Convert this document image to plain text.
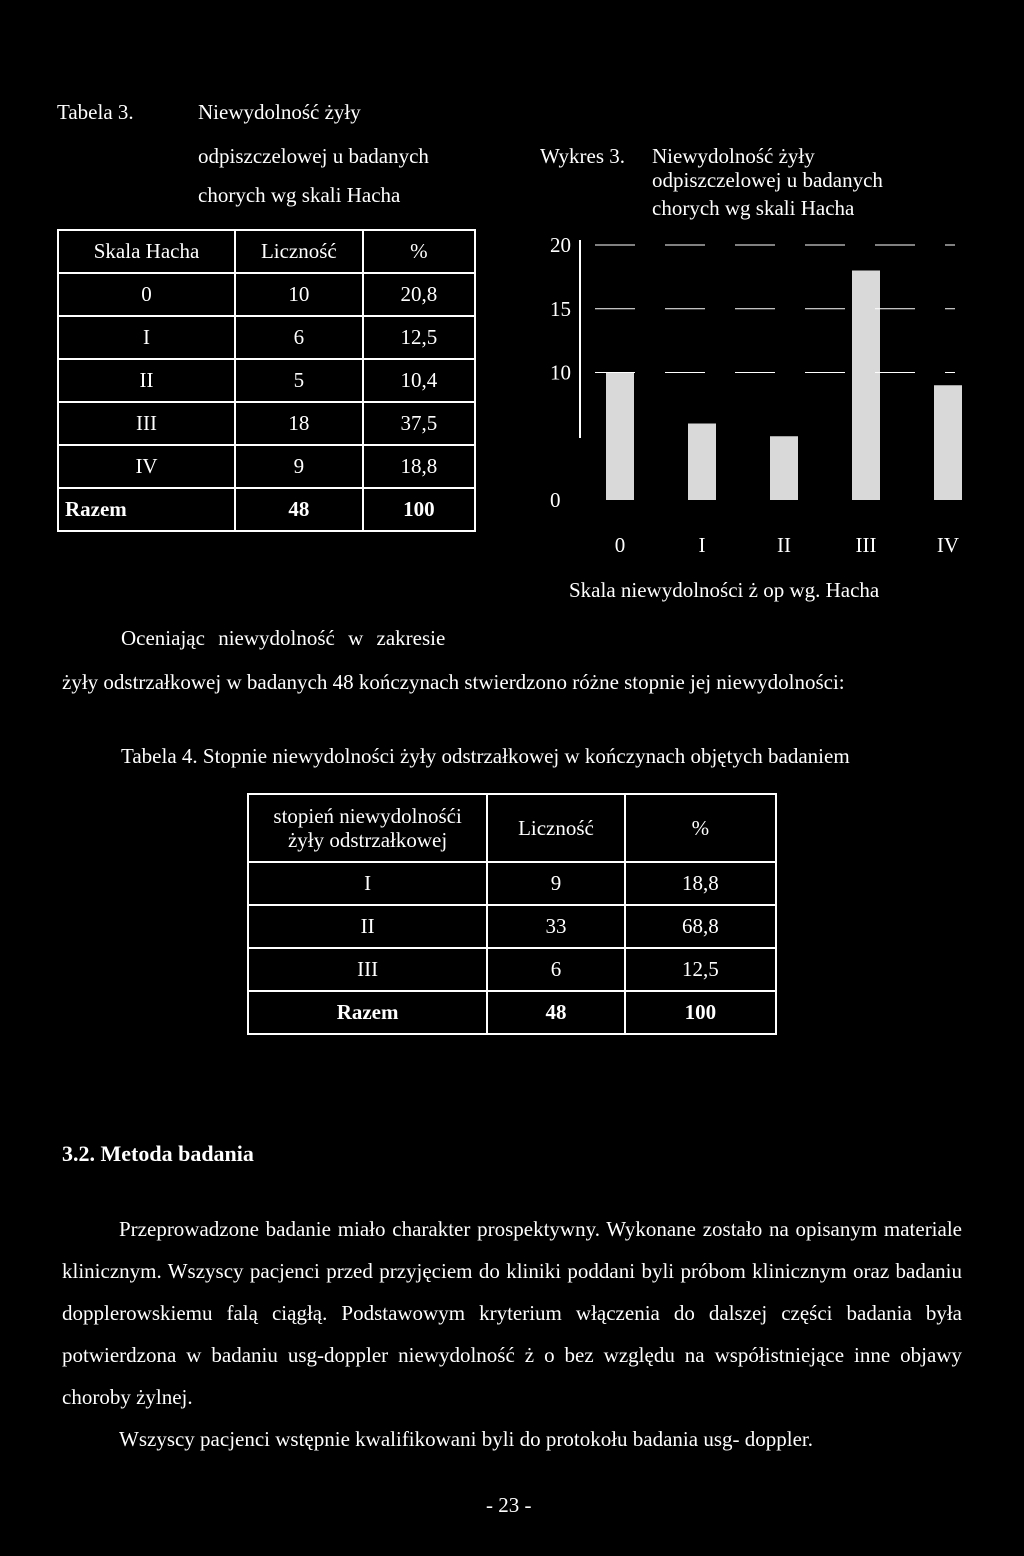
Tabela 3.	Niewydolność żyły
odpiszczelowej u badanych
chorych wg skali Hacha
Skala Hacha	Liczność	%
0	10	20,8
I	6	12,5
II	5	10,4
III	18	37,5
IV	9	18,8
Razem	48	100
Wykres 3. Niewydolność żyły
odpiszczelowej u badanych
chorych wg skali Hacha
0
10
15
20
0	I	II	III	IV
Skala niewydolności ż op wg. Hacha
Oceniając niewydolność w zakresie
żyły odstrzałkowej w badanych 48 kończynach stwierdzono różne stopnie jej niewydolności:
Tabela 4. Stopnie niewydolności żyły odstrzałkowej w kończynach objętych badaniem
stopień niewydolnośći
żyły odstrzałkowej	Liczność	%
I	9	18,8
II	33	68,8
III	6	12,5
Razem	48	100
3.2. Metoda badania

Przeprowadzone badanie miało charakter prospektywny. Wykonane zostało na opisanym materiale klinicznym. Wszyscy pacjenci przed przyjęciem do kliniki poddani byli próbom klinicznym oraz badaniu dopplerowskiemu falą ciągłą. Podstawowym kryterium włączenia do dalszej części badania była potwierdzona w badaniu usg-doppler niewydolność ż o bez względu na współistniejące inne objawy choroby żylnej.

Wszyscy pacjenci wstępnie kwalifikowani byli do protokołu badania usg- doppler.

- 23 -
